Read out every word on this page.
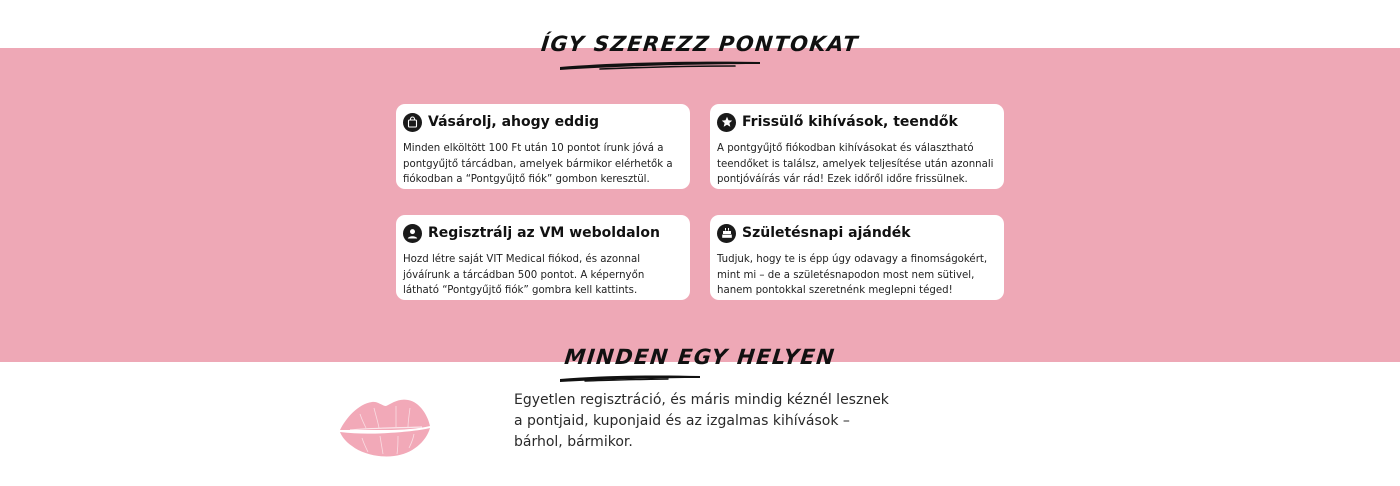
ÍGY SZEREZZ PONTOKAT
Vásárolj, ahogy eddig
Minden elköltött 100 Ft után 10 pontot írunk jóvá a pontgyűjtő tárcádban, amelyek bármikor elérhetők a fiókodban a “Pontgyűjtő fiók” gombon keresztül.
Frissülő kihívások, teendők
A pontgyűjtő fiókodban kihívásokat és választható teendőket is találsz, amelyek teljesítése után azonnali pontjóváírás vár rád! Ezek időről időre frissülnek.
Regisztrálj az VM weboldalon
Hozd létre saját VIT Medical fiókod, és azonnal jóváírunk a tárcádban 500 pontot. A képernyőn látható “Pontgyűjtő fiók” gombra kell kattints.
Születésnapi ajándék
Tudjuk, hogy te is épp úgy odavagy a finomságokért, mint mi – de a születésnapodon most nem sütivel, hanem pontokkal szeretnénk meglepni téged!
MINDEN EGY HELYEN
Egyetlen regisztráció, és máris mindig kéznél lesznek a pontjaid, kuponjaid és az izgalmas kihívások – bárhol, bármikor.
